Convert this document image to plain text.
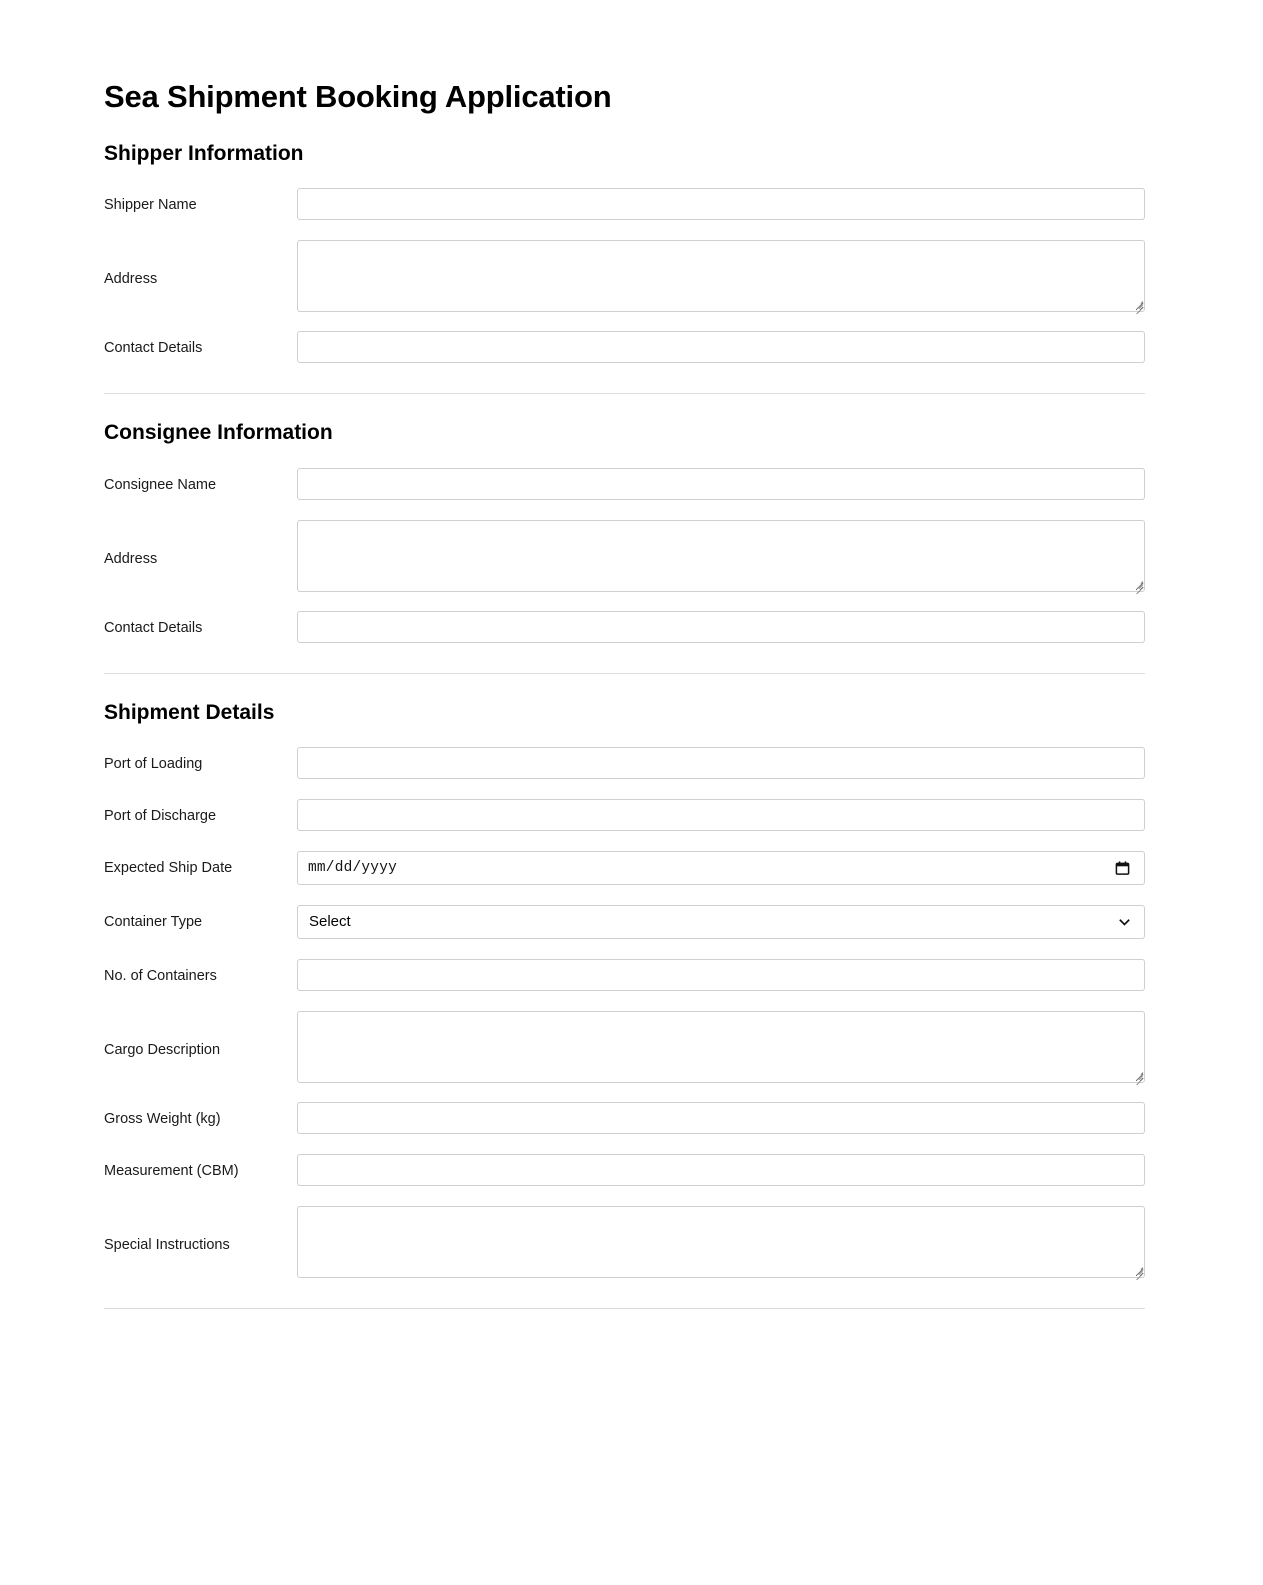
Sea Shipment Booking Application
Shipper Information
Shipper Name
Address
Contact Details
Consignee Information
Consignee Name
Address
Contact Details
Shipment Details
Port of Loading
Port of Discharge
Expected Ship Date	mm/dd/yyyy
Container Type	Select
No. of Containers
Cargo Description
Gross Weight (kg)
Measurement (CBM)
Special Instructions
